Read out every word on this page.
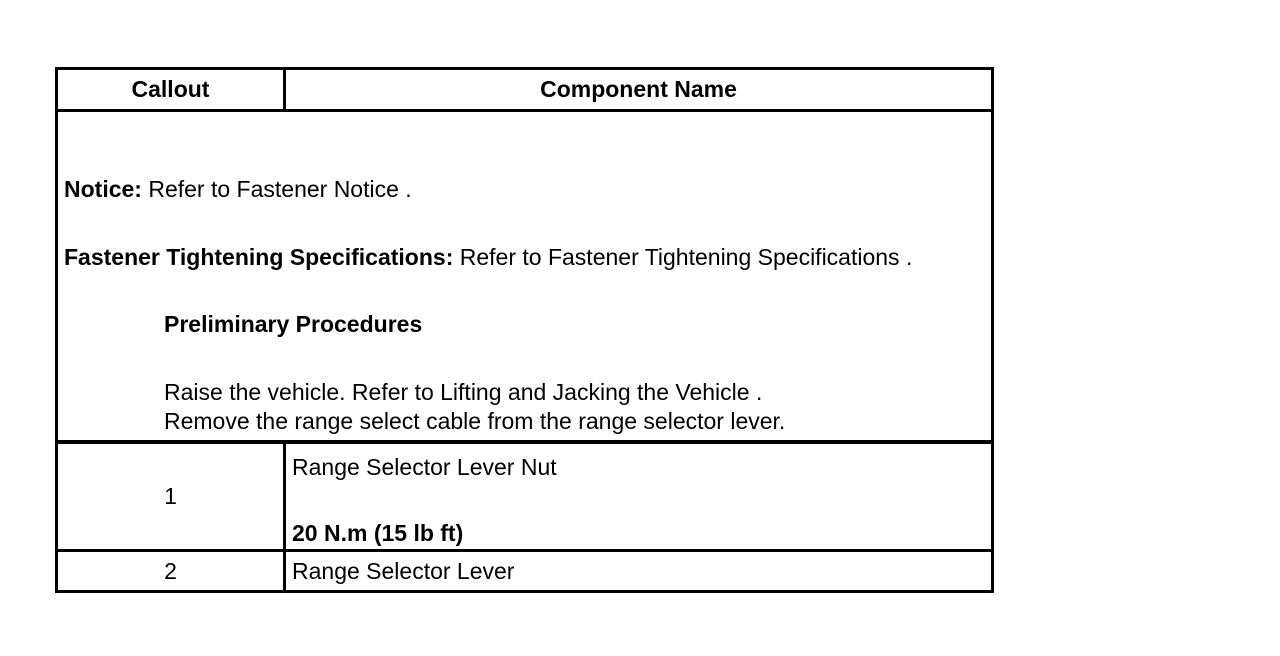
Callout	Component Name
Notice: Refer to Fastener Notice .
Fastener Tightening Specifications: Refer to Fastener Tightening Specifications .
Preliminary Procedures
Raise the vehicle. Refer to Lifting and Jacking the Vehicle .
Remove the range select cable from the range selector lever.
1
Range Selector Lever Nut
20 N.m (15 lb ft)
2	Range Selector Lever
